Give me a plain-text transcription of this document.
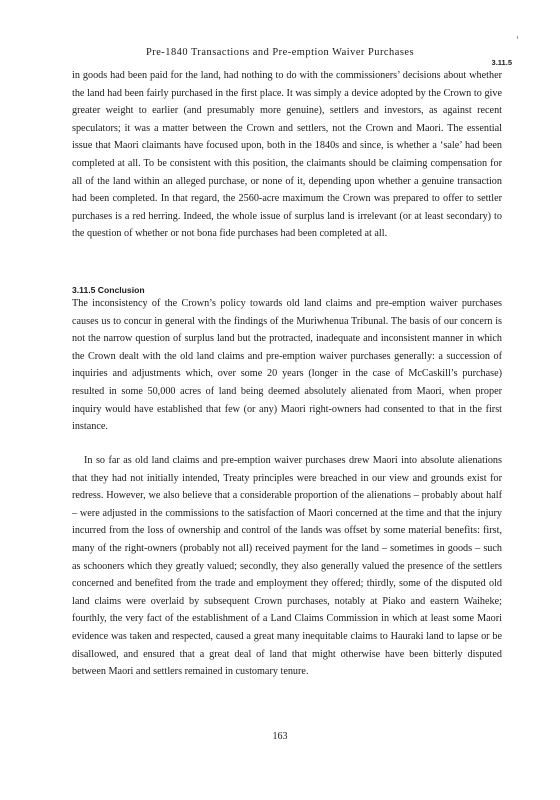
Pre-1840 Transactions and Pre-emption Waiver Purchases
3.11.5

in goods had been paid for the land, had nothing to do with the commissioners’ decisions about whether the land had been fairly purchased in the first place. It was simply a device adopted by the Crown to give greater weight to earlier (and presumably more genuine), settlers and investors, as against recent speculators; it was a matter between the Crown and settlers, not the Crown and Maori. The essential issue that Maori claimants have focused upon, both in the 1840s and since, is whether a ‘sale’ had been completed at all. To be consistent with this position, the claimants should be claiming compensation for all of the land within an alleged purchase, or none of it, depending upon whether a genuine transaction had been completed. In that regard, the 2560-acre maximum the Crown was prepared to offer to settler purchases is a red herring. Indeed, the whole issue of surplus land is irrelevant (or at least secondary) to the question of whether or not bona fide purchases had been completed at all.

3.11.5 Conclusion

The inconsistency of the Crown’s policy towards old land claims and pre-emption waiver purchases causes us to concur in general with the findings of the Muriwhenua Tribunal. The basis of our concern is not the narrow question of surplus land but the protracted, inadequate and inconsistent manner in which the Crown dealt with the old land claims and pre-emption waiver purchases generally: a succession of inquiries and adjustments which, over some 20 years (longer in the case of McCaskill’s purchase) resulted in some 50,000 acres of land being deemed absolutely alienated from Maori, when proper inquiry would have established that few (or any) Maori right-owners had consented to that in the first instance.

In so far as old land claims and pre-emption waiver purchases drew Maori into absolute alienations that they had not initially intended, Treaty principles were breached in our view and grounds exist for redress. However, we also believe that a considerable proportion of the alienations – probably about half – were adjusted in the commissions to the satisfaction of Maori concerned at the time and that the injury incurred from the loss of ownership and control of the lands was offset by some material benefits: first, many of the right-owners (probably not all) received payment for the land – sometimes in goods – such as schooners which they greatly valued; secondly, they also generally valued the presence of the settlers concerned and benefited from the trade and employment they offered; thirdly, some of the disputed old land claims were overlaid by subsequent Crown purchases, notably at Piako and eastern Waiheke; fourthly, the very fact of the establishment of a Land Claims Commission in which at least some Maori evidence was taken and respected, caused a great many inequitable claims to Hauraki land to lapse or be disallowed, and ensured that a great deal of land that might otherwise have been bitterly disputed between Maori and settlers remained in customary tenure.

163
